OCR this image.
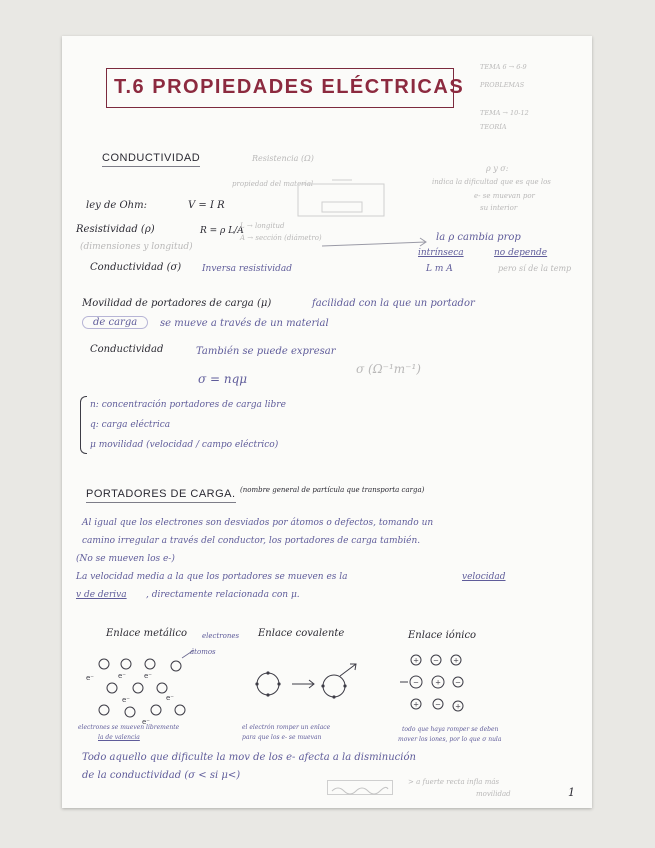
T.6 PROPIEDADES ELÉCTRICAS
TEMA 6 → 6-9
PROBLEMAS
TEMA → 10-12
TEORÍA
CONDUCTIVIDAD	Resistencia (Ω)
propiedad del material
ley de Ohm:	V = I R
Resistividad (ρ)	R = ρ L/A
L → longitud
A → sección (diámetro)
(dimensiones y longitud)
Conductividad (σ) Inversa resistividad
ρ y σ:
indica la dificultad que es que los
e- se muevan por
su interior
la ρ cambia prop
intrínseca	no depende
L m A	pero sí de la temp
Movilidad de portadores de carga (μ)	facilidad con la que un portador
de carga	se mueve a través de un material
Conductividad	También se puede expresar
σ = nqμ
σ (Ω⁻¹m⁻¹)
n: concentración portadores de carga libre
q: carga eléctrica
μ movilidad (velocidad / campo eléctrico)
PORTADORES DE CARGA. (nombre general de partícula que transporta carga)
Al igual que los electrones son desviados por átomos o defectos, tomando un
camino irregular a través del conductor, los portadores de carga también.
(No se mueven los e-)
La velocidad media a la que los portadores se mueven es la	velocidad
v de deriva , directamente relacionada con μ.
Enlace metálico electrones
átomos
Enlace covalente	Enlace iónico
e⁻	e⁻	e⁻
e⁻
e⁻
e⁻
+ − +
− + −
+ − +
electrones se mueven libremente
la de valencia
el electrón romper un enlace
para que los e- se muevan
todo que haya romper se deben
mover los iones, por lo que σ nula
Todo aquello que dificulte la mov de los e- afecta a la disminución
de la conductividad (σ < si μ<)
> a fuerte recta infla más
movilidad	1
